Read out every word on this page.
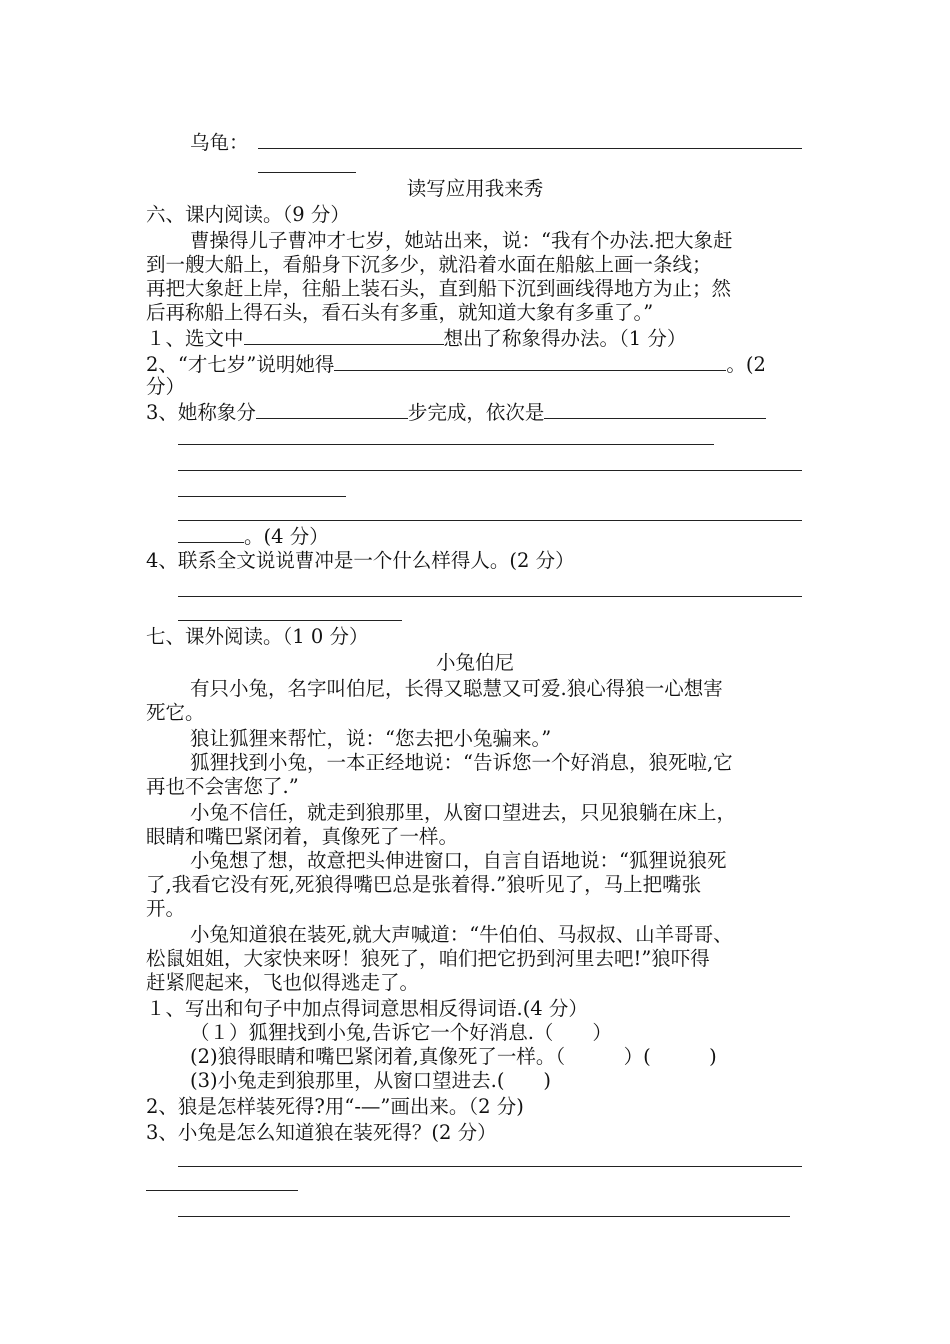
乌龟：
读写应用我来秀
六、课内阅读。（9 分）
曹操得儿子曹冲才七岁，她站出来，说：“我有个办法.把大象赶
到一艘大船上，看船身下沉多少，就沿着水面在船舷上画一条线；
再把大象赶上岸，往船上装石头，直到船下沉到画线得地方为止；然
后再称船上得石头，看石头有多重，就知道大象有多重了。”
１、选文中	想出了称象得办法。（1 分）
2、“才七岁”说明她得	。(2
分）
3、她称象分	步完成，依次是
。(4 分）
4、联系全文说说曹冲是一个什么样得人。(2 分）
七、课外阅读。（1 0 分）
小兔伯尼
有只小兔，名字叫伯尼，长得又聪慧又可爱.狼心得狼一心想害
死它。
狼让狐狸来帮忙，说：“您去把小兔骗来。”
狐狸找到小兔，一本正经地说：“告诉您一个好消息，狼死啦,它
再也不会害您了.”
小兔不信任，就走到狼那里，从窗口望进去，只见狼躺在床上，
眼睛和嘴巴紧闭着，真像死了一样。
小兔想了想，故意把头伸进窗口，自言自语地说：“狐狸说狼死
了,我看它没有死,死狼得嘴巴总是张着得.”狼听见了，马上把嘴张
开。
小兔知道狼在装死,就大声喊道：“牛伯伯、马叔叔、山羊哥哥、
松鼠姐姐，大家快来呀！狼死了，咱们把它扔到河里去吧!”狼吓得
赶紧爬起来，飞也似得逃走了。
１、写出和句子中加点得词意思相反得词语.(4 分）
（１）狐狸找到小兔,告诉它一个好消息.（　　）
(2)狼得眼睛和嘴巴紧闭着,真像死了一样。（　　　）(　　　)
(3)小兔走到狼那里，从窗口望进去.(　　)
2、狼是怎样装死得?用“-—”画出来。（2 分)
3、小兔是怎么知道狼在装死得？(2 分）
